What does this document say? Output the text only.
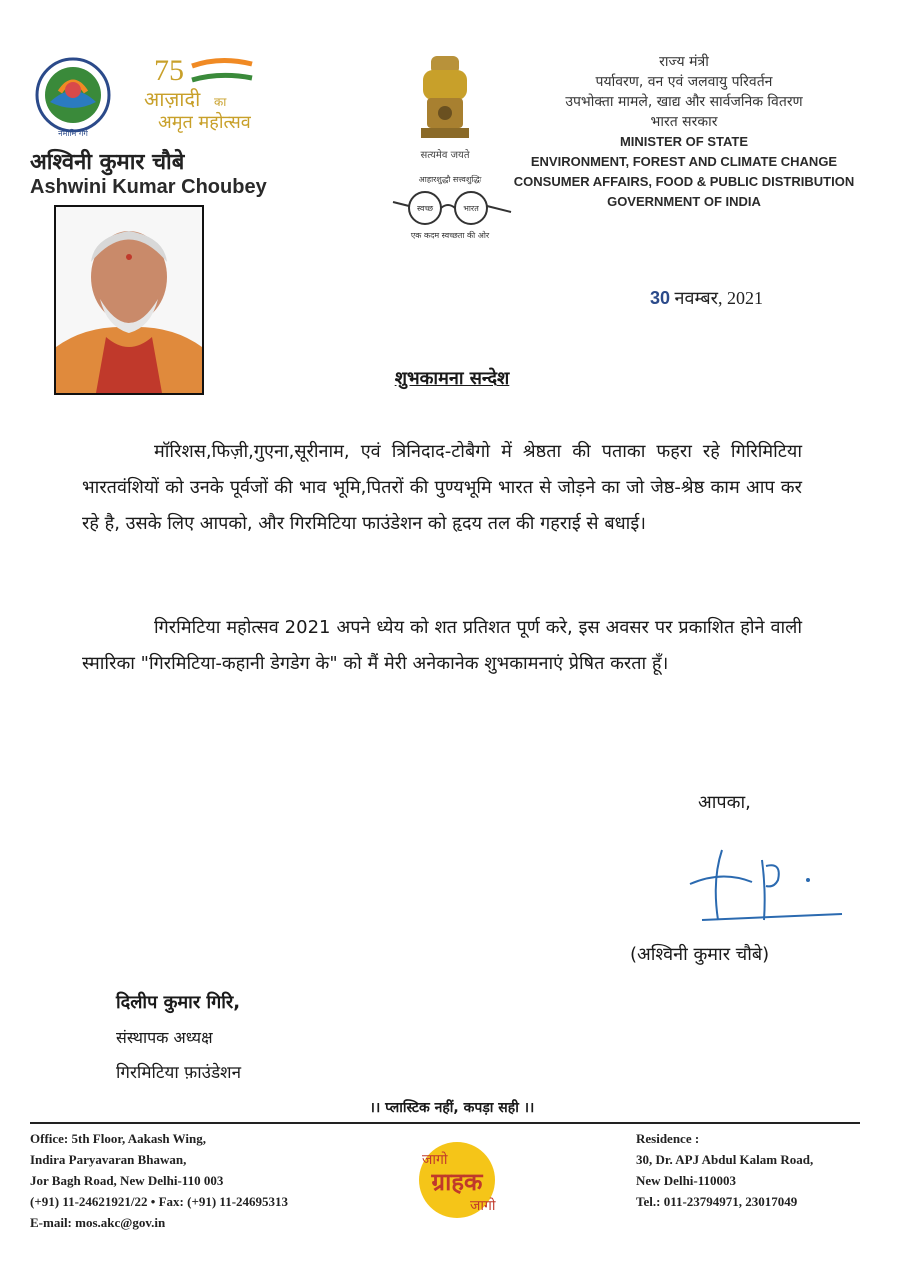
नमामि गंगे
75
आज़ादी का
अमृत महोत्सव
अश्विनी कुमार चौबे
Ashwini Kumar Choubey
सत्यमेव जयते
आहारशुद्धौ सत्त्वशुद्धिः
स्वच्छ	भारत
एक कदम स्वच्छता की ओर
राज्य मंत्री
पर्यावरण, वन एवं जलवायु परिवर्तन
उपभोक्ता मामले, खाद्य और सार्वजनिक वितरण
भारत सरकार
MINISTER OF STATE
ENVIRONMENT, FOREST AND CLIMATE CHANGE
CONSUMER AFFAIRS, FOOD & PUBLIC DISTRIBUTION
GOVERNMENT OF INDIA
30 नवम्बर, 2021
शुभकामना सन्देश
मॉरिशस,फिज़ी,गुएना,सूरीनाम, एवं त्रिनिदाद-टोबैगो में श्रेष्ठता की पताका फहरा रहे गिरिमिटिया भारतवंशियों को उनके पूर्वजों की भाव भूमि,पितरों की पुण्यभूमि भारत से जोड़ने का जो जेष्ठ-श्रेष्ठ काम आप कर रहे है, उसके लिए आपको, और गिरमिटिया फाउंडेशन को हृदय तल की गहराई से बधाई।
गिरमिटिया महोत्सव 2021 अपने ध्येय को शत प्रतिशत पूर्ण करे, इस अवसर पर प्रकाशित होने वाली स्मारिका "गिरमिटिया-कहानी डेगडेग के" को मैं मेरी अनेकानेक शुभकामनाएं प्रेषित करता हूँ।
आपका,
(अश्विनी कुमार चौबे)
दिलीप कुमार गिरि,
संस्थापक अध्यक्ष
गिरमिटिया फ़ाउंडेशन
।। प्लास्टिक नहीं, कपड़ा सही ।।
Office: 5th Floor, Aakash Wing,
Indira Paryavaran Bhawan,
Jor Bagh Road, New Delhi-110 003
(+91) 11-24621921/22 • Fax: (+91) 11-24695313
E-mail: mos.akc@gov.in
जागो
ग्राहक
जागो
Residence :
30, Dr. APJ Abdul Kalam Road,
New Delhi-110003
Tel.: 011-23794971, 23017049
